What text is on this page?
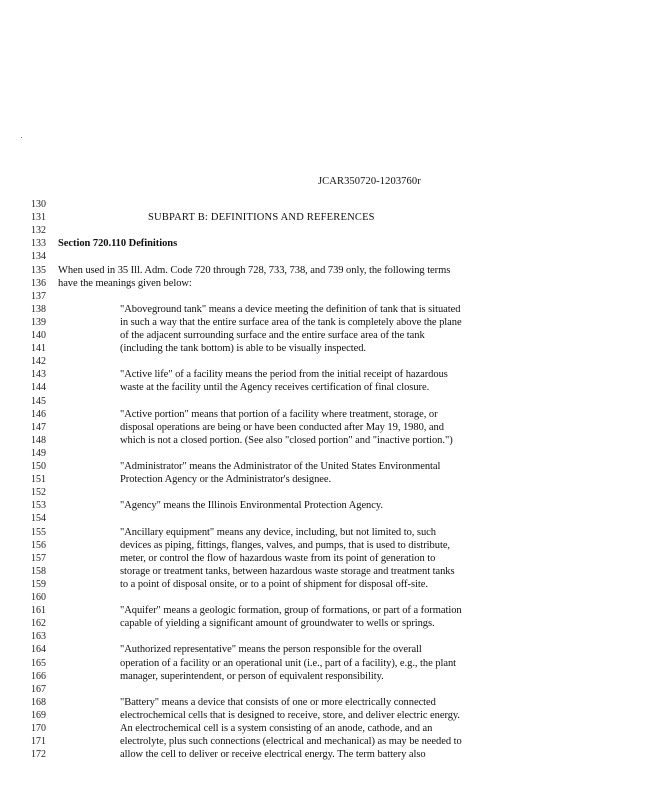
JCAR350720-1203760r
130
131	SUBPART B: DEFINITIONS AND REFERENCES
132
133 Section 720.110 Definitions
134
135 When used in 35 Ill. Adm. Code 720 through 728, 733, 738, and 739 only, the following terms
136 have the meanings given below:
137
138	"Aboveground tank" means a device meeting the definition of tank that is situated
139	in such a way that the entire surface area of the tank is completely above the plane
140	of the adjacent surrounding surface and the entire surface area of the tank
141	(including the tank bottom) is able to be visually inspected.
142
143	"Active life" of a facility means the period from the initial receipt of hazardous
144	waste at the facility until the Agency receives certification of final closure.
145
146	"Active portion" means that portion of a facility where treatment, storage, or
147	disposal operations are being or have been conducted after May 19, 1980, and
148	which is not a closed portion. (See also "closed portion" and "inactive portion.")
149
150	"Administrator" means the Administrator of the United States Environmental
151	Protection Agency or the Administrator's designee.
152
153	"Agency" means the Illinois Environmental Protection Agency.
154
155	"Ancillary equipment" means any device, including, but not limited to, such
156	devices as piping, fittings, flanges, valves, and pumps, that is used to distribute,
157	meter, or control the flow of hazardous waste from its point of generation to
158	storage or treatment tanks, between hazardous waste storage and treatment tanks
159	to a point of disposal onsite, or to a point of shipment for disposal off-site.
160
161	"Aquifer" means a geologic formation, group of formations, or part of a formation
162	capable of yielding a significant amount of groundwater to wells or springs.
163
164	"Authorized representative" means the person responsible for the overall
165	operation of a facility or an operational unit (i.e., part of a facility), e.g., the plant
166	manager, superintendent, or person of equivalent responsibility.
167
168	"Battery" means a device that consists of one or more electrically connected
169	electrochemical cells that is designed to receive, store, and deliver electric energy.
170	An electrochemical cell is a system consisting of an anode, cathode, and an
171	electrolyte, plus such connections (electrical and mechanical) as may be needed to
172	allow the cell to deliver or receive electrical energy. The term battery also
